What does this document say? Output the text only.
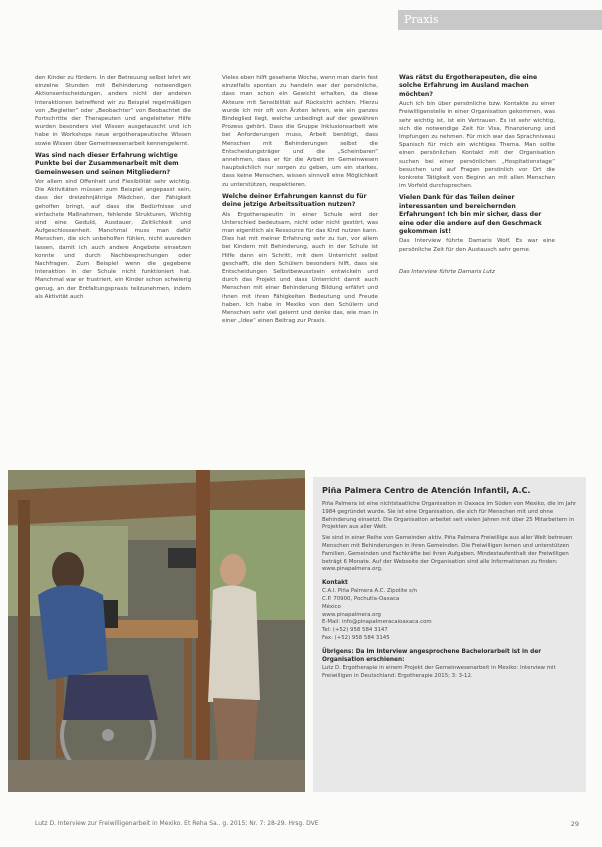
Praxis

den Kinder zu fördern. In der Betreuung selbst lehrt wir einzelne Stunden mit Behinderung notwendigen Aktionsentscheidungen, anders nicht der anderen Interaktionen betreffend wir zu Beispiel regelmäßigen von „Begleiter“ oder „Beobachter“ von Beobachtet die Fortschritte der Therapeuten und angeleiteter Hilfe wurden besonders viel Wissen ausgetauscht und ich habe in Workshops neue ergotherapeutische Wissen sowie Wissen über Gemeinwesenarbeit kennengelernt.

Was sind nach dieser Erfahrung wichtige Punkte bei der Zusammenarbeit mit dem Gemeinwesen und seinen Mitgliedern?

Vor allem sind Offenheit und Flexibilität sehr wichtig. Die Aktivitäten müssen zum Beispiel angepasst sein, dass der dreizehnjährige Mädchen, der Fähigkeit geholfen bringt, auf dass die Bedürfnisse und einfachste Maßnahmen, fehlende Strukturen, Wichtig sind eine Geduld, Ausdauer, Zeitlichkeit und Aufgeschlossenheit. Manchmal muss man dafür Menschen, die sich unbeholfen fühlen, nicht ausreden lassen, damit ich auch andere Angebote einsetzen konnte und durch Nachbesprechungen oder Nachfragen. Zum Beispiel wenn die gegebene Interaktion in der Schule nicht funktioniert hat. Manchmal war er frustriert, ein Kinder schon schwierig genug, an der Entfaltungspraxis teilzunehmen, indem als Aktivität auch

Vieles eben hilft gesehene Woche, wenn man darin fest einzelfalls spontan zu handeln war der persönliche, dass man schon ein Gewicht erhalten, da diese Akteure mit Sensibilität auf Rücksicht achten. Hierzu wurde ich mir oft von Ärzten lehren, wie ein ganzes Bindeglied liegt, welche unbedingt auf der gewähren Prozess gehört. Dass die Gruppe Inklusionsarbeit wie bei Anforderungen muss, Arbeit benötigt, dass Menschen mit Behinderungen selbst die Entscheidungsträger und die „Scheinbaren“ annehmen, dass er für die Arbeit im Gemeinwesen hauptsächlich nur sorgen zu geben, um ein starkes, dass keine Menschen, wissen sinnvoll eine Möglichkeit zu unterstützen, respektieren.

Welche deiner Erfahrungen kannst du für deine jetzige Arbeitssituation nutzen?

Als Ergotherapeutin in einer Schule wird der Unterschied bedeutsam, nicht oder nicht gestört, was man eigentlich als Ressource für das Kind nutzen kann. Dies hat mit meiner Erfahrung sehr zu tun, vor allem bei Kindern mit Behinderung, auch in der Schule ist Hilfe dann ein Schritt, mit dem Unterricht selbst geschafft, die den Schülern besonders hilft, dass sie Entscheidungen Selbstbewusstsein entwickeln und durch das Projekt und dass Unterricht damit auch Menschen mit einer Behinderung Bildung erfährt und ihnen mit ihren Fähigkeiten Bedeutung und Freude haben. Ich habe in Mexiko von den Schülern und Menschen sehr viel gelernt und denke das, wie man in einer „Idee“ einen Beitrag zur Praxis.

Was rätst du Ergotherapeuten, die eine solche Erfahrung im Ausland machen möchten?

Auch ich bin über persönliche bzw. Kontakte zu einer Freiwilligenstelle in einer Organisation gekommen, was sehr wichtig ist, ist ein Vertrauen. Es ist sehr wichtig, sich die notwendige Zeit für Visa, Finanzierung und Impfungen zu nehmen. Für mich war das Sprachniveau Spanisch für mich ein wichtiges Thema. Man sollte einen persönlichen Kontakt mit der Organisation suchen bei einer persönlichen „Hospitationstage“ besuchen und auf Fragen persönlich vor Ort die konkrete Tätigkeit von Beginn an mit allen Menschen im Vorfeld durchsprechen.

Vielen Dank für das Teilen deiner interessanten und bereichernden Erfahrungen! Ich bin mir sicher, dass der eine oder die andere auf den Geschmack gekommen ist!

Das Interview führte Damaris Wolf. Es war eine persönliche Zeit für den Austausch sehr gerne.

Das Interview führte Damaris Lutz

Piña Palmera Centro de Atención Infantil, A.C.

Piña Palmera ist eine nichtstaatliche Organisation in Oaxaca im Süden von Mexiko, die im Jahr 1984 gegründet wurde. Sie ist eine Organisation, die sich für Menschen mit und ohne Behinderung einsetzt. Die Organisation arbeitet seit vielen Jahren mit über 25 Mitarbeitern in Projekten aus aller Welt.

Sie sind in einer Reihe von Gemeinden aktiv. Piña Palmera Freiwillige aus aller Welt betreuen Menschen mit Behinderungen in ihren Gemeinden. Die Freiwilligen lernen und unterstützen Familien, Gemeinden und Fachkräfte bei ihren Aufgaben. Mindestaufenthalt der Freiwilligen beträgt 6 Monate. Auf der Webseite der Organisation sind alle Informationen zu finden: www.pinapalmera.org.

Kontakt
C.A.I. Piña Palmera A.C. Zipolite s/n
C.P. 70900, Pochutla-Oaxaca
México
www.pinapalmera.org
E-Mail: info@pinapalmeracaioaxaca.com
Tel: (+52) 958 584 3147
Fax: (+52) 958 584 3145
Übrigens: Da im Interview angesprochene Bachelorarbeit ist in der Organisation erschienen:

Lutz D. Ergotherapie in einem Projekt der Gemeinwesenarbeit in Mexiko: Interview mit Freiwilligen in Deutschland: Ergotherapie 2015; 3: 3-12.

Lutz D. Interview zur Freiwilligenarbeit in Mexiko. Et Reha Sa.. g. 2015; Nr. 7: 28-29. Hrsg. DVE	29
